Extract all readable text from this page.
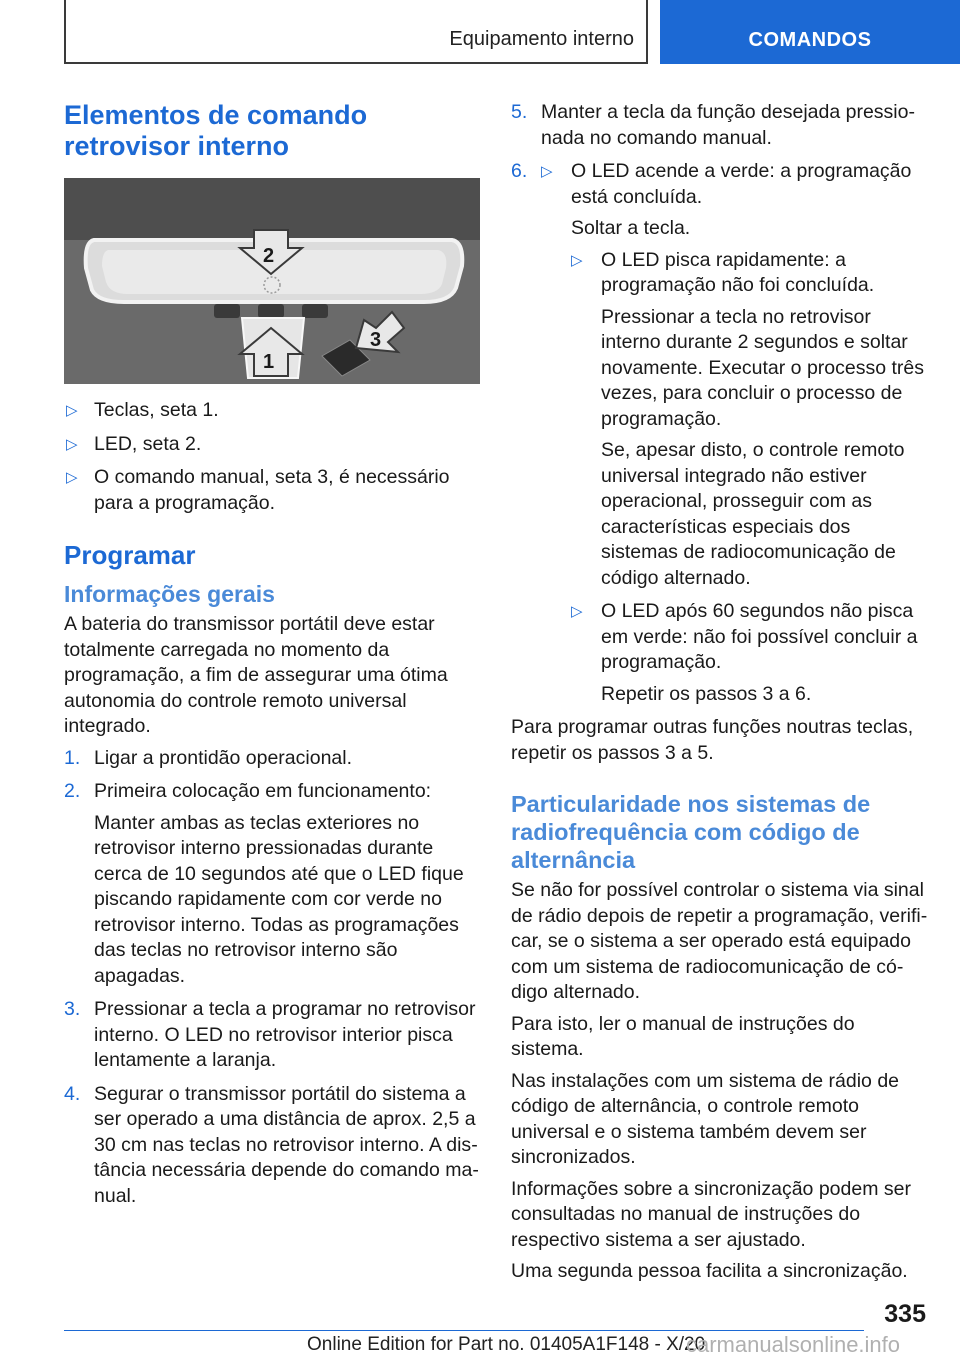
Equipamento interno	COMANDOS
Elementos de comando retrovisor interno
2
1
3
▷ Teclas, seta 1.
▷ LED, seta 2.
▷ O comando manual, seta 3, é necessário para a programação.
Programar
Informações gerais

A bateria do transmissor portátil deve estar totalmente carregada no momento da programação, a fim de assegurar uma ótima autonomia do controle remoto universal integrado.

1. Ligar a prontidão operacional.
2. Primeira colocação em funcionamento:

Manter ambas as teclas exteriores no retrovisor interno pressionadas durante cerca de 10 segundos até que o LED fique piscando rapidamente com cor verde no retrovisor interno. Todas as programações das teclas no retrovisor interno são apagadas.

3. Pressionar a tecla a programar no retrovisor interno. O LED no retrovisor interior pisca lentamente a laranja.
4. Segurar o transmissor portátil do sistema a ser operado a uma distância de aprox. 2,5 a 30 cm nas teclas no retrovisor interno. A distância necessária depende do comando manual.
5. Manter a tecla da função desejada pressionada no comando manual.
6. ▷ O LED acende a verde: a programação está concluída.

Soltar a tecla.

▷ O LED pisca rapidamente: a programação não foi concluída.

Pressionar a tecla no retrovisor interno durante 2 segundos e soltar novamente. Executar o processo três vezes, para concluir o processo de programação.

Se, apesar disto, o controle remoto universal integrado não estiver operacional, prosseguir com as características especiais dos sistemas de radiocomunicação de código alternado.

▷ O LED após 60 segundos não pisca em verde: não foi possível concluir a programação.

Repetir os passos 3 a 6.

Para programar outras funções noutras teclas, repetir os passos 3 a 5.

Particularidade nos sistemas de radiofrequência com código de alternância

Se não for possível controlar o sistema via sinal de rádio depois de repetir a programação, verificar, se o sistema a ser operado está equipado com um sistema de radiocomunicação de código alternado.

Para isto, ler o manual de instruções do sistema.

Nas instalações com um sistema de rádio de código de alternância, o controle remoto universal e o sistema também devem ser sincronizados.

Informações sobre a sincronização podem ser consultadas no manual de instruções do respectivo sistema a ser ajustado.

Uma segunda pessoa facilita a sincronização.

335
Online Edition for Part no. 01405A1F148 - X/20
carmanualsonline.info
